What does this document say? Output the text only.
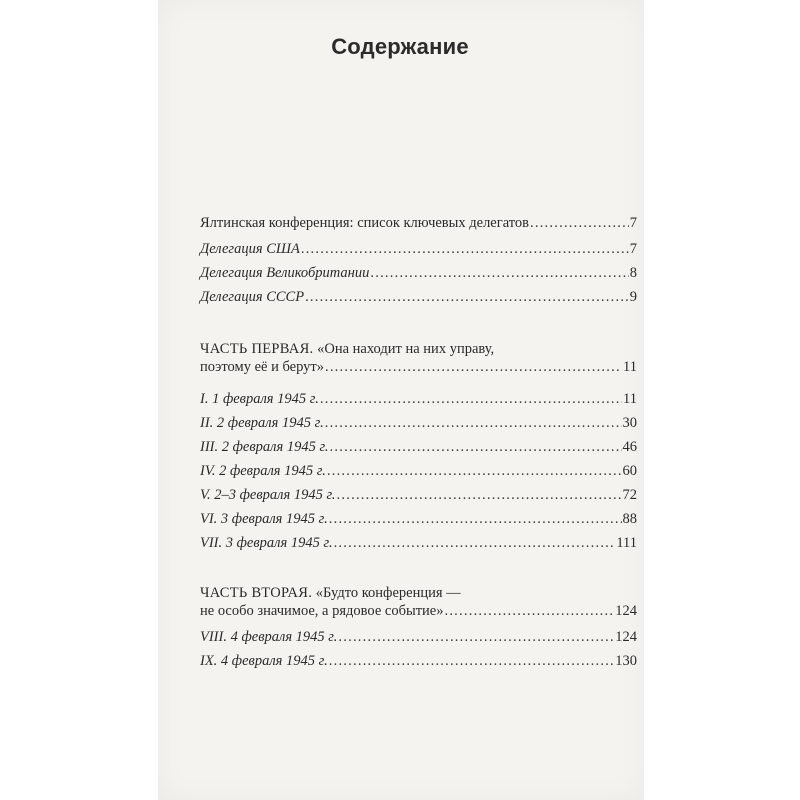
Содержание
Ялтинская конференция: список ключевых делегатов . . .	7
Делегация США . . .	7
Делегация Великобритании . . .	8
Делегация СССР . . .	9
ЧАСТЬ ПЕРВАЯ. «Она находит на них управу,
поэтому её и берут» . . .	11
I. 1 февраля 1945 г. . . .	11
II. 2 февраля 1945 г. . . .	30
III. 2 февраля 1945 г. . . .	46
IV. 2 февраля 1945 г. . . .	60
V. 2–3 февраля 1945 г. . . .	72
VI. 3 февраля 1945 г. . . .	88
VII. 3 февраля 1945 г. . . .	111
ЧАСТЬ ВТОРАЯ. «Будто конференция —
не особо значимое, а рядовое событие» . . .	124
VIII. 4 февраля 1945 г. . . .	124
IX. 4 февраля 1945 г. . . .	130
